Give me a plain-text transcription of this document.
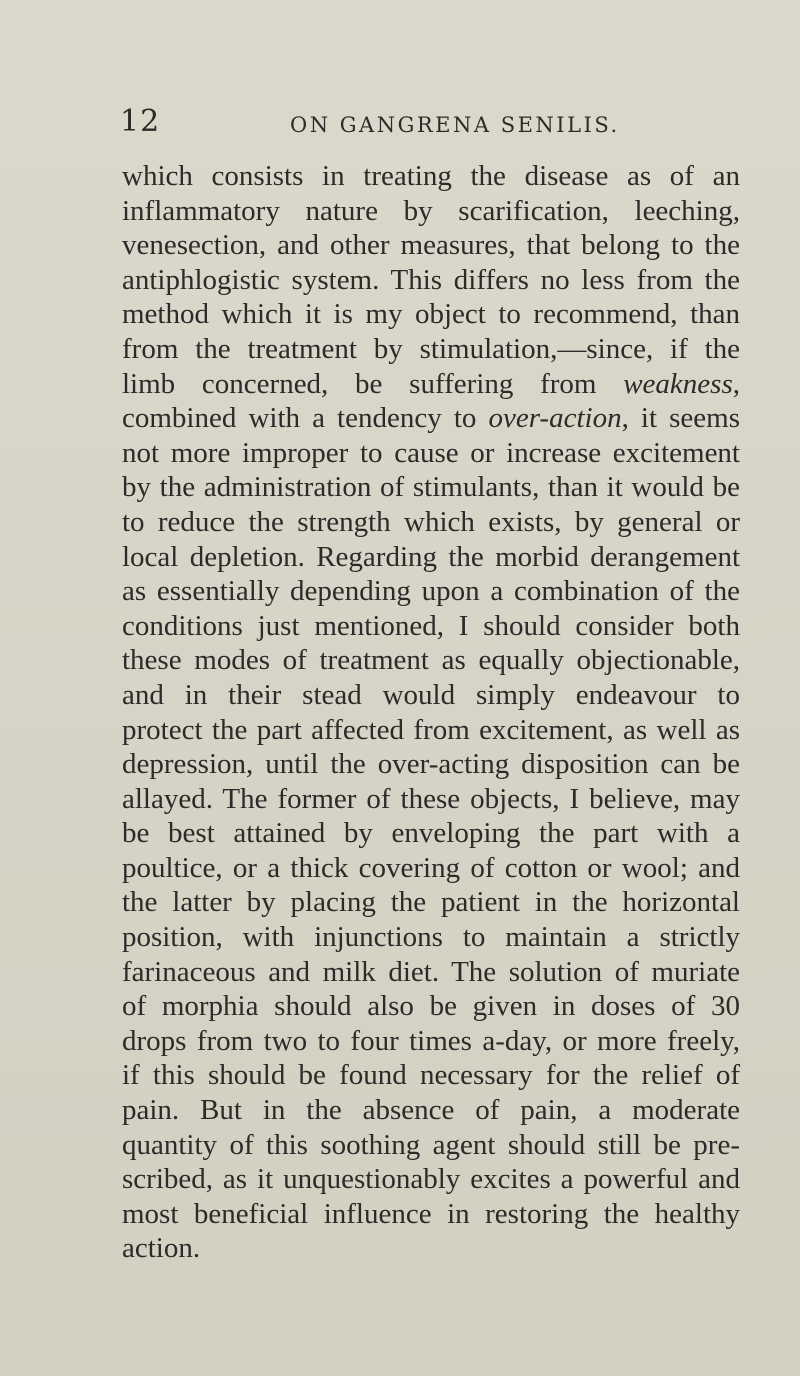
12	ON GANGRENA SENILIS.

which consists in treating the disease as of an inflammatory nature by scarification, leeching, venesection, and other measures, that belong to the antiphlogistic system. This differs no less from the method which it is my object to recommend, than from the treatment by stimulation,—since, if the limb concerned, be suffering from weakness, combined with a tendency to over-action, it seems not more improper to cause or increase excitement by the administration of stimulants, than it would be to reduce the strength which exists, by general or local depletion. Regarding the morbid derangement as essentially depending upon a combination of the conditions just mentioned, I should consider both these modes of treatment as equally objectionable, and in their stead would simply endeavour to protect the part affected from excitement, as well as depression, until the over-acting disposition can be allayed. The former of these objects, I believe, may be best attained by enveloping the part with a poultice, or a thick covering of cotton or wool; and the latter by placing the patient in the horizontal position, with injunctions to maintain a strictly farinaceous and milk diet. The solution of muriate of morphia should also be given in doses of 30 drops from two to four times a-day, or more freely, if this should be found necessary for the relief of pain. But in the absence of pain, a moderate quantity of this soothing agent should still be prescribed, as it unquestionably excites a powerful and most beneficial influence in restoring the healthy action.
